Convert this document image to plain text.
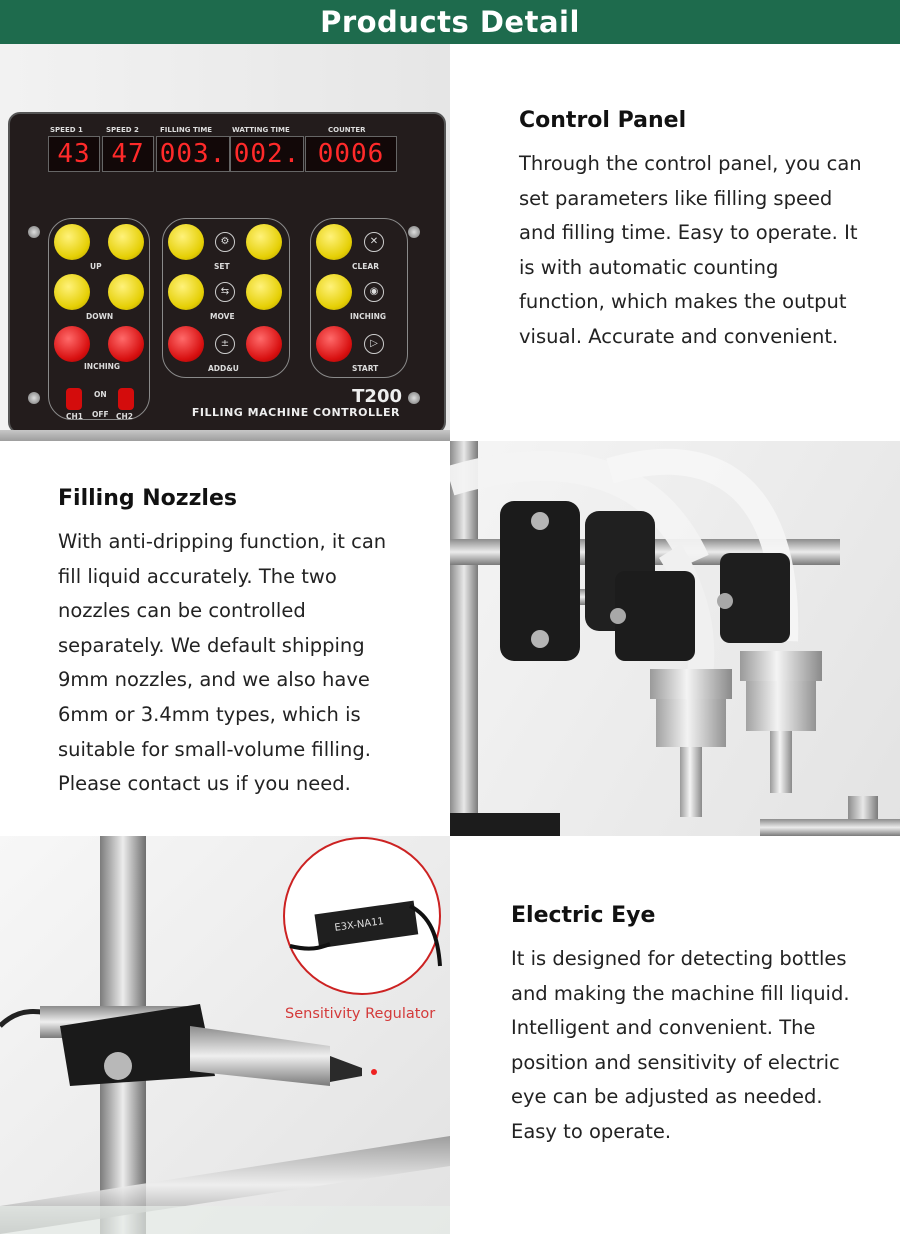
Products Detail
SPEED 1	SPEED 2	FILLING TIME	WATTING TIME	COUNTER
43 47 003. 002. 0006
UP
DOWN
INCHING
CH1
ON
OFF CH2
⚙
⇆
±
SET
MOVE
ADD&U
✕
◉
▷
CLEAR
INCHING
START
T200
FILLING MACHINE CONTROLLER
Control Panel

Through the control panel, you can set parameters like filling speed and filling time. Easy to operate. It is with automatic counting function, which makes the output visual. Accurate and convenient.

Filling Nozzles

With anti-dripping function, it can fill liquid accurately. The two nozzles can be controlled separately. We default shipping 9mm nozzles, and we also have 6mm or 3.4mm types, which is suitable for small-volume filling. Please contact us if you need.

E3X-NA11
Sensitivity Regulator
Electric Eye

It is designed for detecting bottles and making the machine fill liquid. Intelligent and convenient. The position and sensitivity of electric eye can be adjusted as needed. Easy to operate.
